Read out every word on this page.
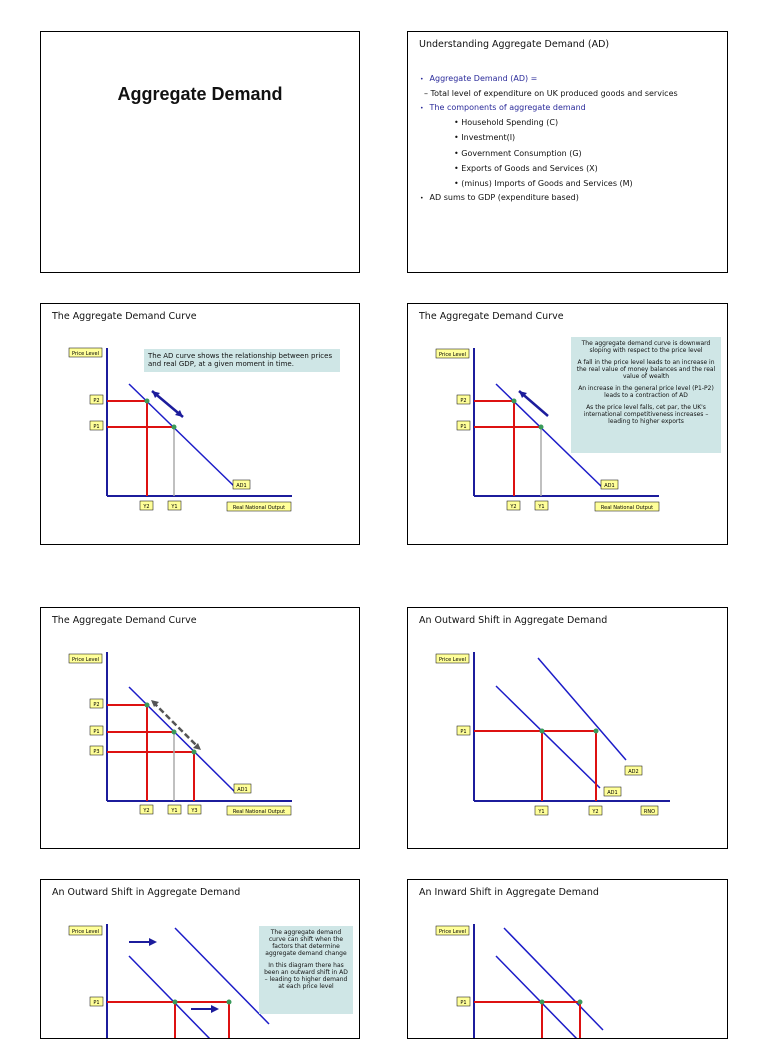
Aggregate Demand
Understanding Aggregate Demand (AD)
• Aggregate Demand (AD) =
– Total level of expenditure on UK produced goods and services
• The components of aggregate demand
• Household Spending (C)
• Investment(I)
• Government Consumption (G)
• Exports of Goods and Services (X)
• (minus) Imports of Goods and Services (M)
• AD sums to GDP (expenditure based)
The Aggregate Demand Curve
Price Level
P2
P1
Y2	Y1
AD1
Real National Output
The AD curve shows the relationship between prices and real GDP, at a given moment in time.
The Aggregate Demand Curve
Price Level
P2
P1
Y2	Y1
AD1
Real National Output

The aggregate demand curve is downward sloping with respect to the price level

A fall in the price level leads to an increase in the real value of money balances and the real value of wealth

An increase in the general price level (P1-P2) leads to a contraction of AD

As the price level falls, cet par, the UK's international competitiveness increases – leading to higher exports

The Aggregate Demand Curve
Price Level
P2
P1
P3
Y2	Y1	Y3
AD1
Real National Output
An Outward Shift in Aggregate Demand
Price Level
P1
Y1	Y2
AD1
AD2
RNO
An Outward Shift in Aggregate Demand
Price Level
P1

The aggregate demand curve can shift when the factors that determine aggregate demand change

In this diagram there has been an outward shift in AD – leading to higher demand at each price level

An Inward Shift in Aggregate Demand
Price Level
P1
